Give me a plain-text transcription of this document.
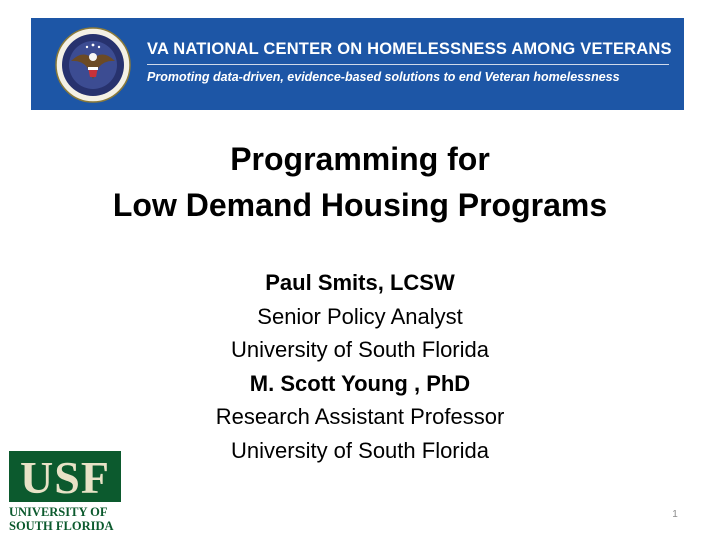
VA NATIONAL CENTER ON HOMELESSNESS AMONG VETERANS
Promoting data-driven, evidence-based solutions to end Veteran homelessness
Programming for
Low Demand Housing Programs
Paul Smits, LCSW
Senior Policy Analyst
University of South Florida
M. Scott Young , PhD
Research Assistant Professor
University of South Florida
USF
UNIVERSITY OF
SOUTH FLORIDA
1
